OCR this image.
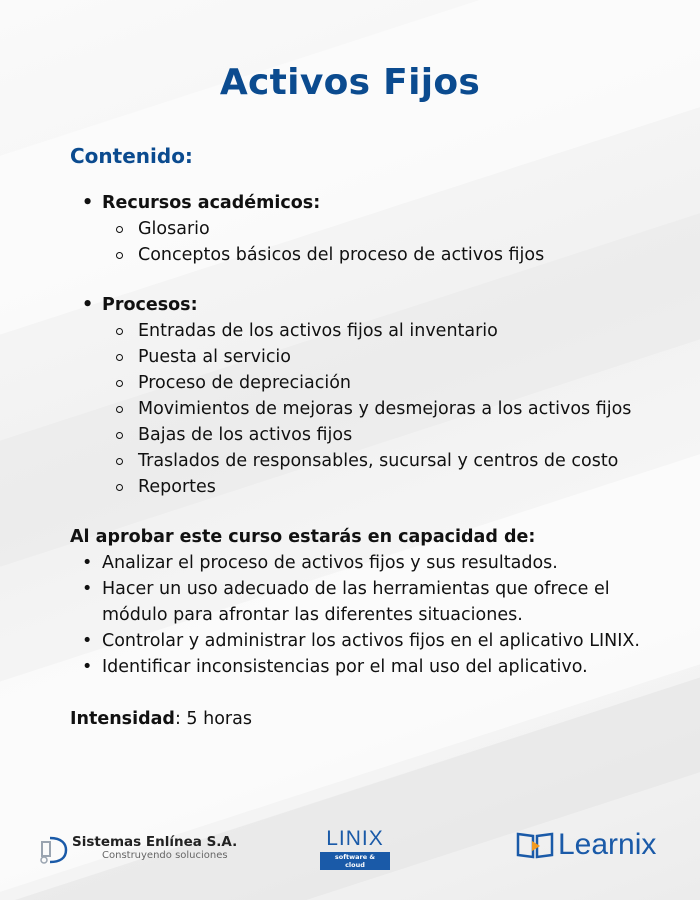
Activos Fijos
Contenido:
• Recursos académicos:
Glosario
Conceptos básicos del proceso de activos fijos
• Procesos:
Entradas de los activos fijos al inventario
Puesta al servicio
Proceso de depreciación
Movimientos de mejoras y desmejoras a los activos fijos
Bajas de los activos fijos
Traslados de responsables, sucursal y centros de costo
Reportes
Al aprobar este curso estarás en capacidad de:
• Analizar el proceso de activos fijos y sus resultados.
• Hacer un uso adecuado de las herramientas que ofrece el módulo para afrontar las diferentes situaciones.
• Controlar y administrar los activos fijos en el aplicativo LINIX.
• Identificar inconsistencias por el mal uso del aplicativo.
Intensidad: 5 horas
Sistemas Enlínea S.A.
Construyendo soluciones
LINIX
software & cloud
Learnix
